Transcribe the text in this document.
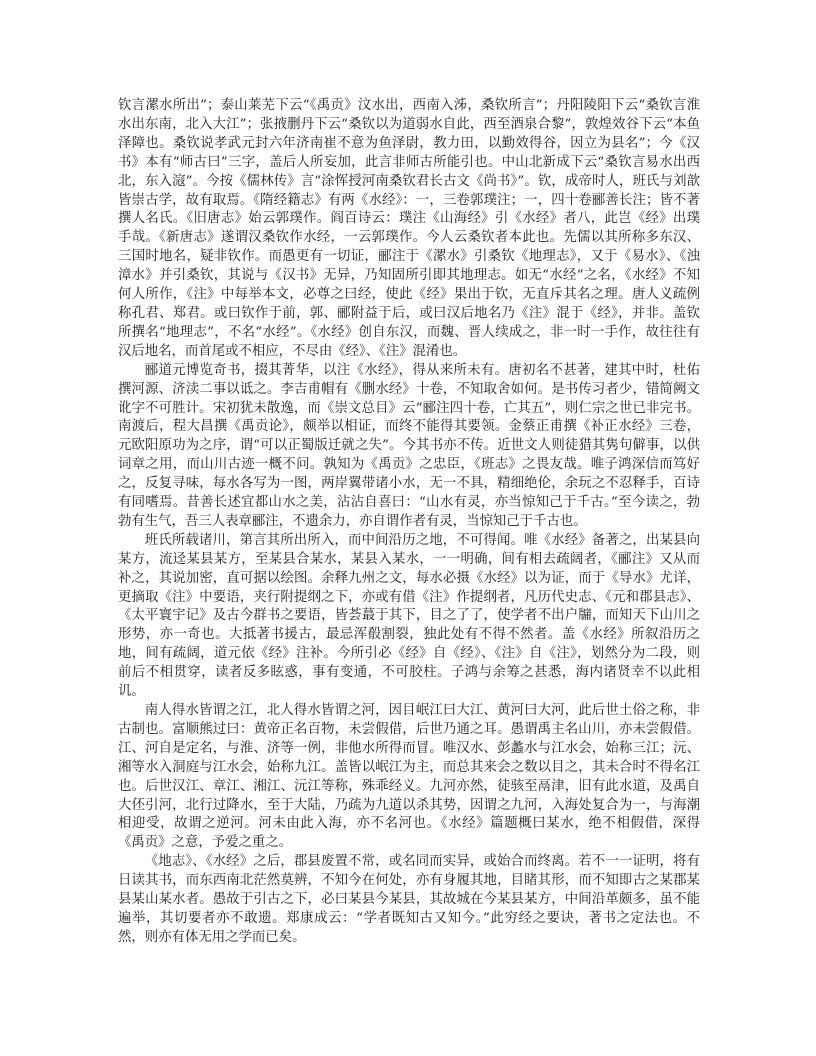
钦言漯水所出”；泰山莱芜下云“《禹贡》汶水出，西南入泲，桑钦所言”；丹阳陵阳下云“桑钦言淮水出东南，北入大江”；张掖删丹下云“桑钦以为道弱水自此，西至酒泉合黎”，敦煌效谷下云“本鱼泽障也。桑钦说孝武元封六年济南崔不意为鱼泽尉，教力田，以勤效得谷，因立为县名”；今《汉书》本有“师古曰”三字，盖后人所妄加，此言非师古所能引也。中山北新成下云“桑钦言易水出西北，东入滱”。今按《儒林传》言“涂恽授河南桑钦君长古文《尚书》”。钦，成帝时人，班氏与刘歆皆崇古学，故有取焉。《隋经籍志》有两《水经》：一，三卷郭璞注；一，四十卷郦善长注；皆不著撰人名氏。《旧唐志》始云郭璞作。阎百诗云：璞注《山海经》引《水经》者八，此岂《经》出璞手哉。《新唐志》遂谓汉桑钦作水经，一云郭璞作。今人云桑钦者本此也。先儒以其所称多东汉、三国时地名，疑非钦作。而愚更有一切证，郦注于《漯水》引桑钦《地理志》，又于《易水》、《浊漳水》并引桑钦，其说与《汉书》无异，乃知固所引即其地理志。如无“水经”之名，《水经》不知何人所作，《注》中每举本文，必尊之曰经，使此《经》果出于钦，无直斥其名之理。唐人义疏例称孔君、郑君。或曰钦作于前，郭、郦附益于后，或曰汉后地名乃《注》混于《经》，并非。盖钦所撰名“地理志”，不名“水经”。《水经》创自东汉，而魏、晋人续成之，非一时一手作，故往往有汉后地名，而首尾或不相应，不尽由《经》、《注》混淆也。

郦道元博览奇书，掇其菁华，以注《水经》，得从来所未有。唐初名不甚著，建其中时，杜佑撰河源、济渎二事以诋之。李吉甫帽有《删水经》十卷，不知取舍如何。是书传习者少，错简阙文讹字不可胜计。宋初犹未散逸，而《崇文总目》云“郦注四十卷，亡其五”，则仁宗之世已非完书。南渡后，程大昌撰《禹贡论》，颇举以相证，而终不能得其要领。金蔡正甫撰《补正水经》三卷，元欧阳原功为之序，谓“可以正蜀版迁就之失”。今其书亦不传。近世文人则徒猎其隽句僻事，以供词章之用，而山川古迹一概不问。孰知为《禹贡》之忠臣，《班志》之畏友哉。唯子鸿深信而笃好之，反复寻味，每水各写为一图，两岸翼带诸小水，无一不具，精细绝伦，余玩之不忍释手，百诗有同嗜焉。昔善长述宜都山水之美，沾沾自喜曰：“山水有灵，亦当惊知己于千古。”至今读之，勃勃有生气，吾三人表章郦注，不遗余力，亦自谓作者有灵，当惊知己于千古也。

班氏所载诸川，第言其所出所入，而中间沿历之地，不可得闻。唯《水经》备著之，出某县向某方，流迳某县某方，至某县合某水，某县入某水，一一明确，间有相去疏阔者，《郦注》又从而补之，其说加密，直可据以绘图。余释九州之文，每水必摄《水经》以为证，而于《导水》尤详，更摘取《注》中要语，夹行附提纲之下，亦或有借《注》作提纲者，凡历代史志、《元和郡县志》、《太平寰宇记》及古今群书之要语，皆荟蕞于其下，目之了了，使学者不出户牖，而知天下山川之形势，亦一奇也。大抵著书援古，最忌浑殽割裂，独此处有不得不然者。盖《水经》所叙沿历之地，间有疏阔，道元依《经》注补。今所引必《经》自《经》、《注》自《注》，划然分为二段，则前后不相贯穿，读者反多眩惑，事有变通，不可胶柱。子鸿与余筹之甚悉，海内诸贤幸不以此相讥。

南人得水皆谓之江，北人得水皆谓之河，因目岷江曰大江、黄河曰大河，此后世土俗之称，非古制也。富顺熊过曰：黄帝正名百物，未尝假借，后世乃通之耳。愚谓禹主名山川，亦未尝假借。江、河自是定名，与淮、济等一例，非他水所得而冒。唯汉水、彭蠡水与江水会，始称三江；沅、湘等水入洞庭与江水会，始称九江。盖皆以岷江为主，而总其来会之数以目之，其未合时不得名江也。后世汉江、章江、湘江、沅江等称，殊乖经义。九河亦然，徒骇至鬲津，旧有此水道，及禹自大伾引河，北行过降水，至于大陆，乃疏为九道以杀其势，因谓之九河，入海处复合为一，与海潮相迎受，故谓之逆河。河未由此入海，亦不名河也。《水经》篇题概曰某水，绝不相假借，深得《禹贡》之意，予爱之重之。

《地志》、《水经》之后，郡县废置不常，或名同而实异，或始合而终离。若不一一证明，将有日读其书，而东西南北茫然莫辨，不知今在何处，亦有身履其地，目睹其形，而不知即古之某郡某县某山某水者。愚故于引古之下，必曰某县今某县，其故城在今某县某方，中间沿革颇多，虽不能遍举，其切要者亦不敢遗。郑康成云：“学者既知古又知今。”此穷经之要诀，著书之定法也。不然，则亦有体无用之学而已矣。
